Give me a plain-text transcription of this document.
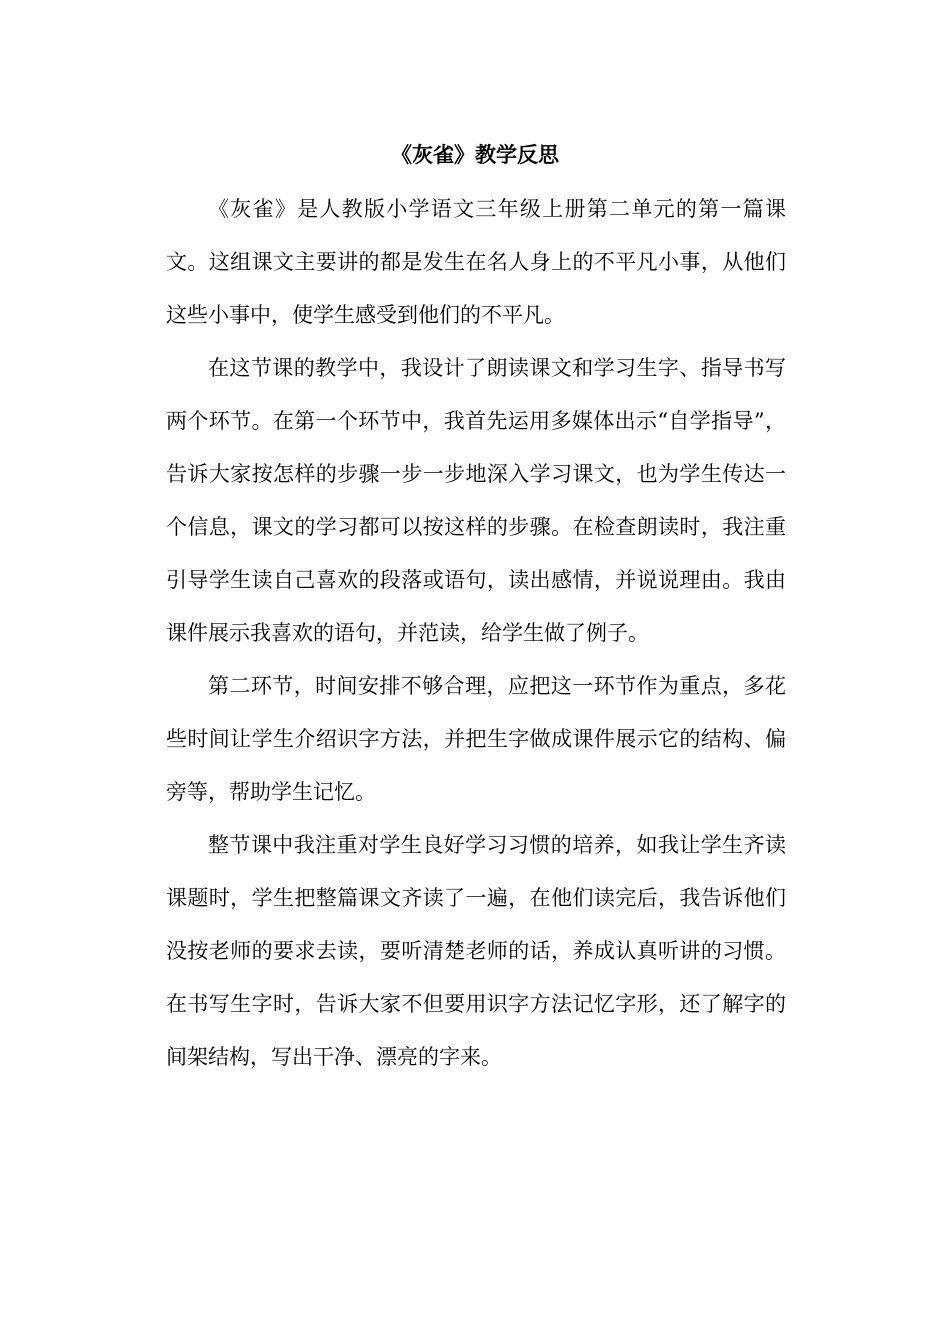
《灰雀》教学反思

《灰雀》是人教版小学语文三年级上册第二单元的第一篇课文。这组课文主要讲的都是发生在名人身上的不平凡小事，从他们这些小事中，使学生感受到他们的不平凡。

在这节课的教学中，我设计了朗读课文和学习生字、指导书写两个环节。在第一个环节中，我首先运用多媒体出示“自学指导”，告诉大家按怎样的步骤一步一步地深入学习课文，也为学生传达一个信息，课文的学习都可以按这样的步骤。在检查朗读时，我注重引导学生读自己喜欢的段落或语句，读出感情，并说说理由。我由课件展示我喜欢的语句，并范读，给学生做了例子。

第二环节，时间安排不够合理，应把这一环节作为重点，多花些时间让学生介绍识字方法，并把生字做成课件展示它的结构、偏旁等，帮助学生记忆。

整节课中我注重对学生良好学习习惯的培养，如我让学生齐读课题时，学生把整篇课文齐读了一遍，在他们读完后，我告诉他们没按老师的要求去读，要听清楚老师的话，养成认真听讲的习惯。在书写生字时，告诉大家不但要用识字方法记忆字形，还了解字的间架结构，写出干净、漂亮的字来。
